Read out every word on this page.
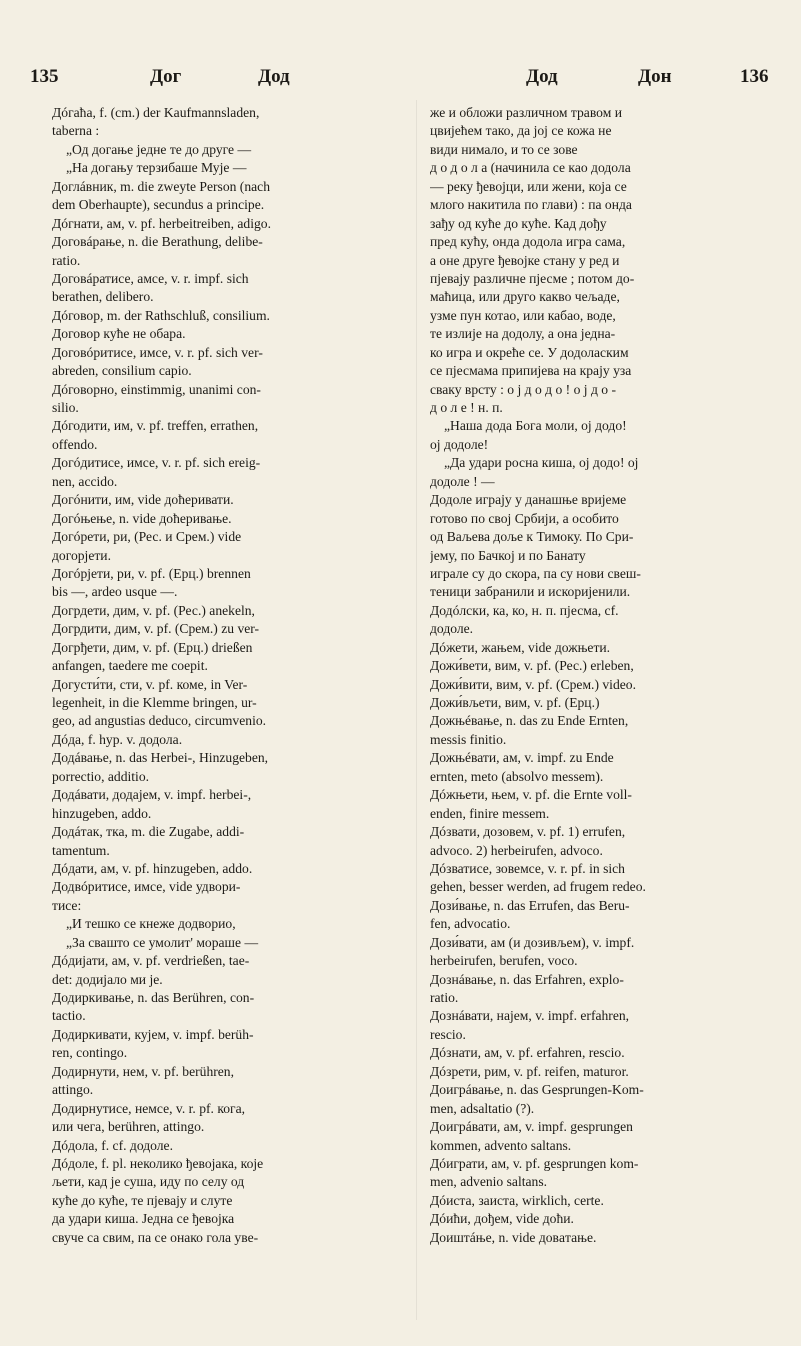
135	Дог	Дод	Дод	Дон	136
Дóгаћа, f. (cm.) der Kaufmannsladen,
taberna :
„Од догање једне те до друге —
„На догању терзибаше Мује —
Доглáвник, m. die zweyte Person (nach
dem Oberhaupte), secundus a principe.
Дóгнати, ам, v. pf. herbeitreiben, adigo.
Договáрање, n. die Berathung, delibe-
ratio.
Договáратисе, амсе, v. r. impf. sich
berathen, delibero.
Дóговор, m. der Rathschluß, consilium.
Договор кућe не обара.
Договóритисе, имсе, v. r. pf. sich ver-
abreden, consilium capio.
Дóговорно, einstimmig, unanimi con-
silio.
Дóгодити, им, v. pf. treffen, errathen,
offendo.
Догóдитисе, имсе, v. r. pf. sich ereig-
nen, accido.
Догóнити, им, vide доћеривати.
Догóњење, n. vide доћеривање.
Догóрети, ри, (Рес. и Срем.) vide
догорјети.
Догóрјети, ри, v. pf. (Ерц.) brennen
bis —, ardeo usque —.
Догрдети, дим, v. pf. (Рес.) anekeln,
Догрдити, дим, v. pf. (Срем.) zu ver-
Догрђети, дим, v. pf. (Ерц.) drießen
anfangen, taedere me coepit.
Догусти́ти, сти, v. pf. коме, in Ver-
legenheit, in die Klemme bringen, ur-
geo, ad angustias deduco, circumvenio.
Дóда, f. hyp. v. додола.
Додáвање, n. das Herbei-, Hinzugeben,
porrectio, additio.
Додáвати, додајем, v. impf. herbei-,
hinzugeben, addo.
Додáтак, тка, m. die Zugabe, addi-
tamentum.
Дóдати, ам, v. pf. hinzugeben, addo.
Додвóритисе, имсе, vide удвори-
тисе:
„И тешко се кнеже додворио,
„За свашто се умолит' мораше —
Дóдијати, ам, v. pf. verdrießen, tae-
det: додијало ми је.
Додиркивање, n. das Berühren, con-
tactio.
Додиркивати, кујем, v. impf. berüh-
ren, contingo.
Додирнути, нем, v. pf. berühren,
attingo.
Додирнутисе, немсе, v. r. pf. кога,
или чега, berühren, attingo.
Дóдола, f. cf. додоле.
Дóдоле, f. pl. неколико ђевојака, које
љети, кад је суша, иду по селу од
куће до куће, те пјевају и слуте
да удари киша. Једна се ђевојка
свуче са свим, па се онако гола уве-
же и обложи различном травом и
цвијећем тако, да јој се кожа не
види нимало, и то се зове
д о д о л а (начинила се као додола
— реку ђевојци, или жени, која се
млого накитила по глави) : па онда
зађу од куће до куће. Кад дођу
пред кућу, онда додола игра сама,
а оне друге ђевојке стану у ред и
пјевају различне пјесме ; потом до-
маћица, или друго какво чељаде,
узме пун котао, или кабао, воде,
те излије на додолу, а она једна-
ко игра и окреће се. У додоласким
се пјесмама припијева на крају уза
сваку врсту : о ј д о д о ! о ј д о -
д о л е ! н. п.
„Наша дода Бога моли, ој додо!
ој додоле!
„Да удари росна киша, ој додо! ој
додоле ! —
Додоле играју у данашње вријеме
готово по свој Србији, а особито
од Ваљева доље к Тимоку. По Сри-
јему, по Бачкој и по Банату
играле су до скора, па су нови свеш-
теници забранили и искоријенили.
Додóлски, ка, ко, н. п. пјесма, cf.
додоле.
Дóжети, жањем, vide дожњети.
Дожи́вети, вим, v. pf. (Рес.) erleben,
Дожи́вити, вим, v. pf. (Срем.) video.
Дожи́вљети, вим, v. pf. (Ерц.)
Дожњéвање, n. das zu Ende Ernten,
messis finitio.
Дожњéвати, ам, v. impf. zu Ende
ernten, meto (absolvo messem).
Дóжњети, њем, v. pf. die Ernte voll-
enden, finire messem.
Дóзвати, дозовем, v. pf. 1) errufen,
advoco. 2) herbeirufen, advoco.
Дóзватисе, зовемсе, v. r. pf. in sich
gehen, besser werden, ad frugem redeo.
Дози́вање, n. das Errufen, das Beru-
fen, advocatio.
Дози́вати, ам (и дозивљем), v. impf.
herbeirufen, berufen, voco.
Дознáвање, n. das Erfahren, explo-
ratio.
Дознáвати, најем, v. impf. erfahren,
rescio.
Дóзнати, ам, v. pf. erfahren, rescio.
Дóзрети, рим, v. pf. reifen, maturor.
Доигрáвање, n. das Gesprungen-Kom-
men, adsaltatio (?).
Доигрáвати, ам, v. impf. gesprungen
kommen, advento saltans.
Дóиграти, ам, v. pf. gesprungen kom-
men, advenio saltans.
Дóиста, заиста, wirklich, certe.
Дóићи, дођем, vide доћи.
Доиштáње, n. vide довaтање.
